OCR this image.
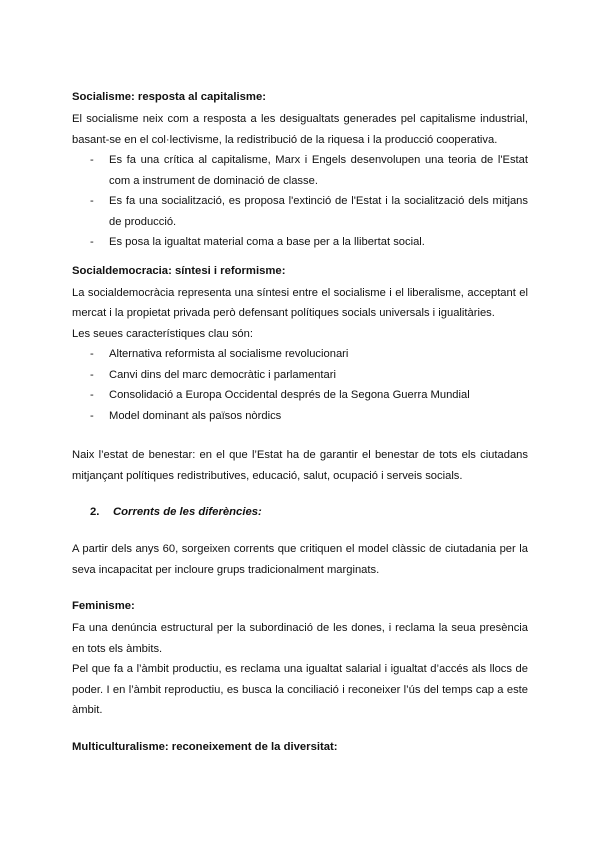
Socialisme: resposta al capitalisme:

El socialisme neix com a resposta a les desigualtats generades pel capitalisme industrial, basant-se en el col·lectivisme, la redistribució de la riquesa i la producció cooperativa.

- Es fa una crítica al capitalisme, Marx i Engels desenvolupen una teoria de l'Estat com a instrument de dominació de classe.
- Es fa una socialització, es proposa l'extinció de l'Estat i la socialització dels mitjans de producció.
- Es posa la igualtat material coma a base per a la llibertat social.
Socialdemocracia: síntesi i reformisme:

La socialdemocràcia representa una síntesi entre el socialisme i el liberalisme, acceptant el mercat i la propietat privada però defensant polítiques socials universals i igualitàries.

Les seues característiques clau són:

- Alternativa reformista al socialisme revolucionari
- Canvi dins del marc democràtic i parlamentari
- Consolidació a Europa Occidental després de la Segona Guerra Mundial
- Model dominant als països nòrdics

Naix l’estat de benestar: en el que l’Estat ha de garantir el benestar de tots els ciutadans mitjançant polítiques redistributives, educació, salut, ocupació i serveis socials.

2. Corrents de les diferències:

A partir dels anys 60, sorgeixen corrents que critiquen el model clàssic de ciutadania per la seva incapacitat per incloure grups tradicionalment marginats.

Feminisme:

Fa una denúncia estructural per la subordinació de les dones, i reclama la seua presència en tots els àmbits.

Pel que fa a l’àmbit productiu, es reclama una igualtat salarial i igualtat d’accés als llocs de poder. I en l’àmbit reproductiu, es busca la conciliació i reconeixer l’ús del temps cap a este àmbit.

Multiculturalisme: reconeixement de la diversitat:
